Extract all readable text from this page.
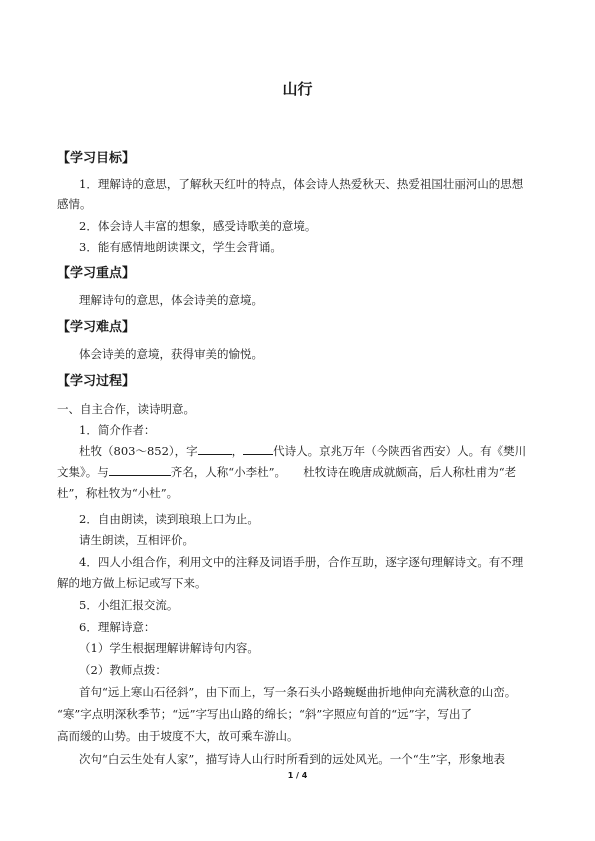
山行
【学习目标】
1．理解诗的意思，了解秋天红叶的特点，体会诗人热爱秋天、热爱祖国壮丽河山的思想
感情。
2．体会诗人丰富的想象，感受诗歌美的意境。
3．能有感情地朗读课文，学生会背诵。
【学习重点】
理解诗句的意思，体会诗美的意境。
【学习难点】
体会诗美的意境，获得审美的愉悦。
【学习过程】
一、自主合作，读诗明意。
1．简介作者：
杜牧（803～852），字	，	代诗人。京兆万年（今陕西省西安）人。有《樊川
文集》。与	齐名，人称“小李杜”。　　杜牧诗在晚唐成就颇高，后人称杜甫为“老
杜”，称杜牧为“小杜”。
2．自由朗读，读到琅琅上口为止。
请生朗读，互相评价。
4．四人小组合作，利用文中的注释及词语手册，合作互助，逐字逐句理解诗文。有不理
解的地方做上标记或写下来。
5．小组汇报交流。
6．理解诗意：
（1）学生根据理解讲解诗句内容。
（2）教师点拨：
首句“远上寒山石径斜”，由下而上，写一条石头小路蜿蜒曲折地伸向充满秋意的山峦。
“寒”字点明深秋季节；“远”字写出山路的绵长；“斜”字照应句首的“远”字，写出了
高而缓的山势。由于坡度不大，故可乘车游山。
次句“白云生处有人家”，描写诗人山行时所看到的远处风光。一个“生”字，形象地表
1 / 4
